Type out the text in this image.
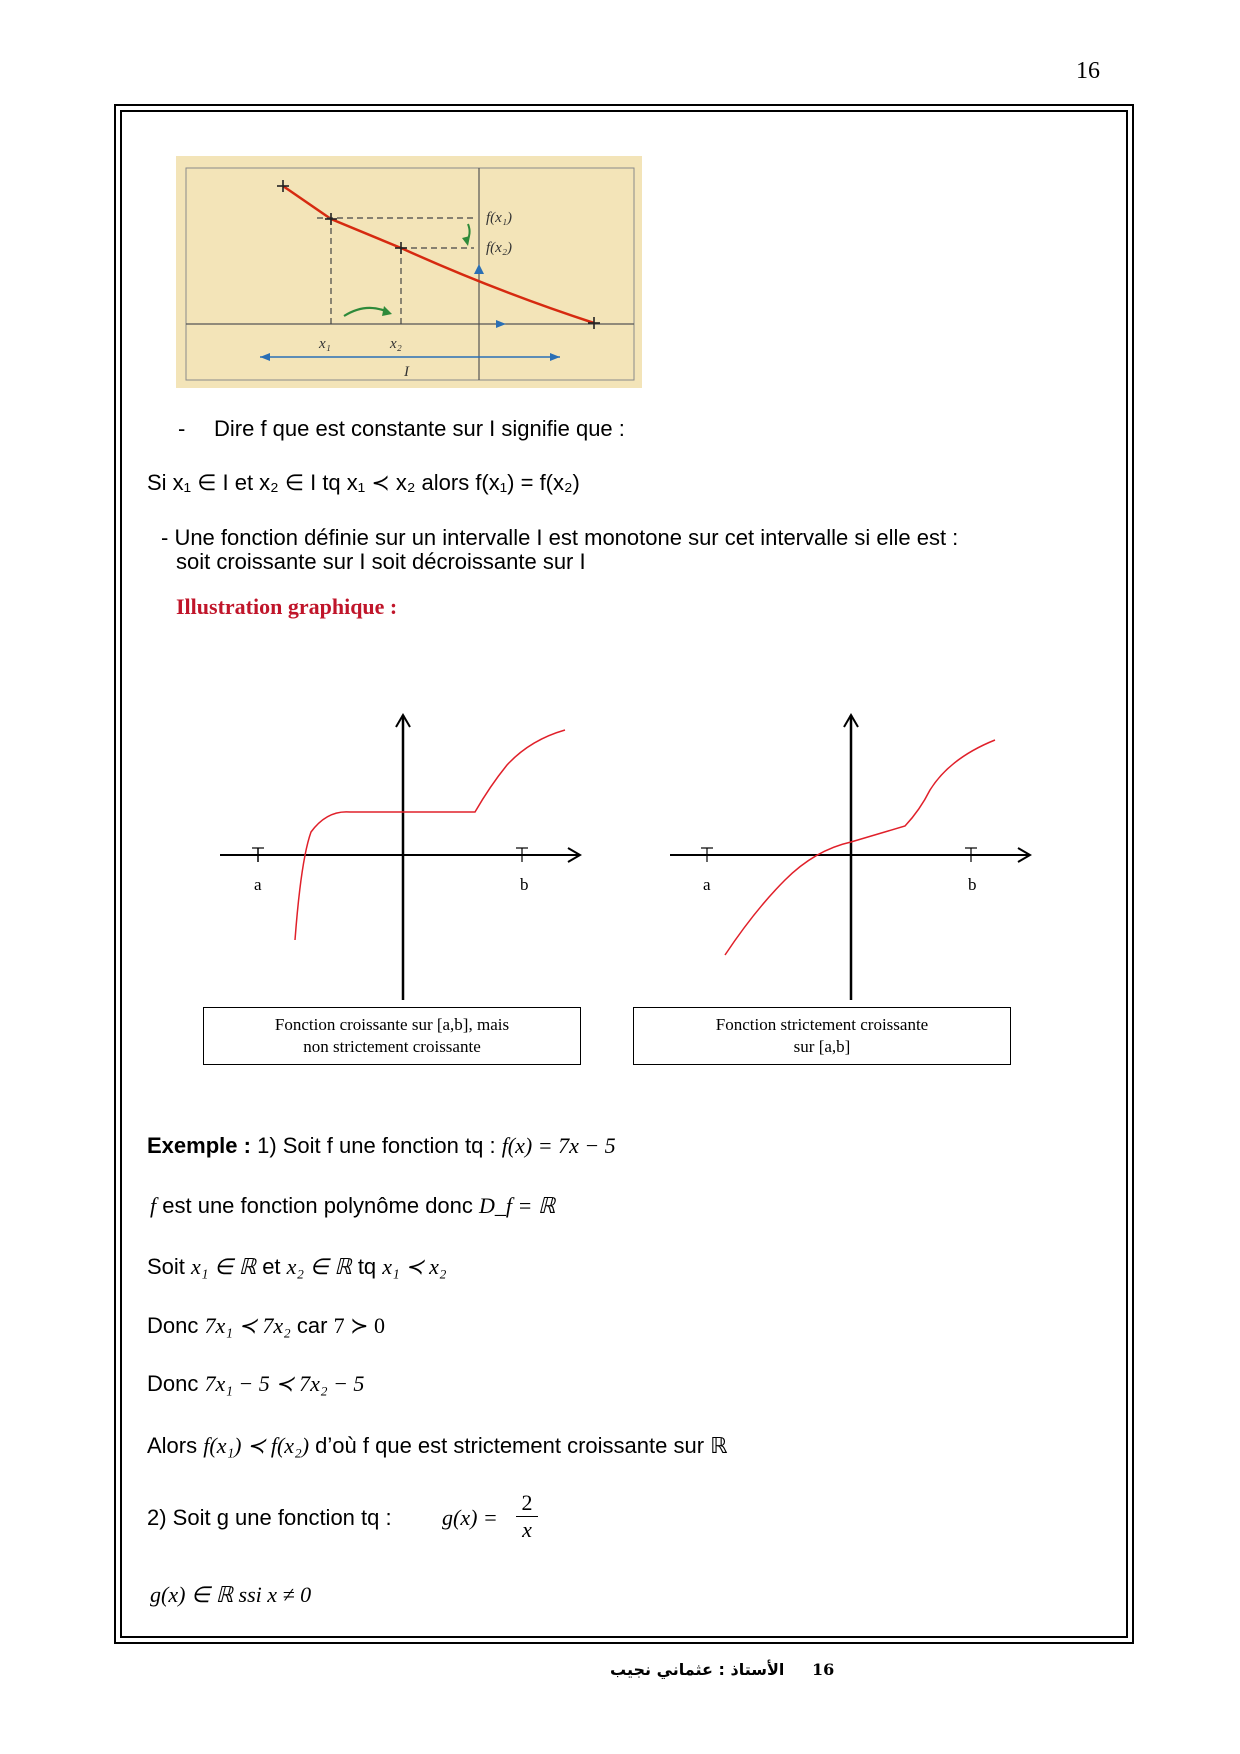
16
f(x₁)
f(x₂)
x₁	x₂
I
- Dire f que est constante sur I signifie que :
Si x₁ ∈ I et x₂ ∈ I tq x₁ ≺ x₂ alors f(x₁) = f(x₂)
- Une fonction définie sur un intervalle I est monotone sur cet intervalle si elle est :
soit croissante sur I soit décroissante sur I
Illustration graphique :
a	b
Fonction croissante sur [a,b], mais
non strictement croissante
a	b
Fonction strictement croissante
sur [a,b]
Exemple : 1) Soit f une fonction tq : f(x) = 7x − 5
f est une fonction polynôme donc D_f = ℝ
Soit x₁ ∈ ℝ et x₂ ∈ ℝ tq x₁ ≺ x₂
Donc 7x₁ ≺ 7x₂ car 7 ≻ 0
Donc 7x₁ − 5 ≺ 7x₂ − 5
Alors f(x₁) ≺ f(x₂) d’où f que est strictement croissante sur ℝ
2) Soit g une fonction tq : $g(x) = \frac{2}{x}$
g(x) ∈ ℝ ssi x ≠ 0
الأستاذ : عثماني نجيب 16
